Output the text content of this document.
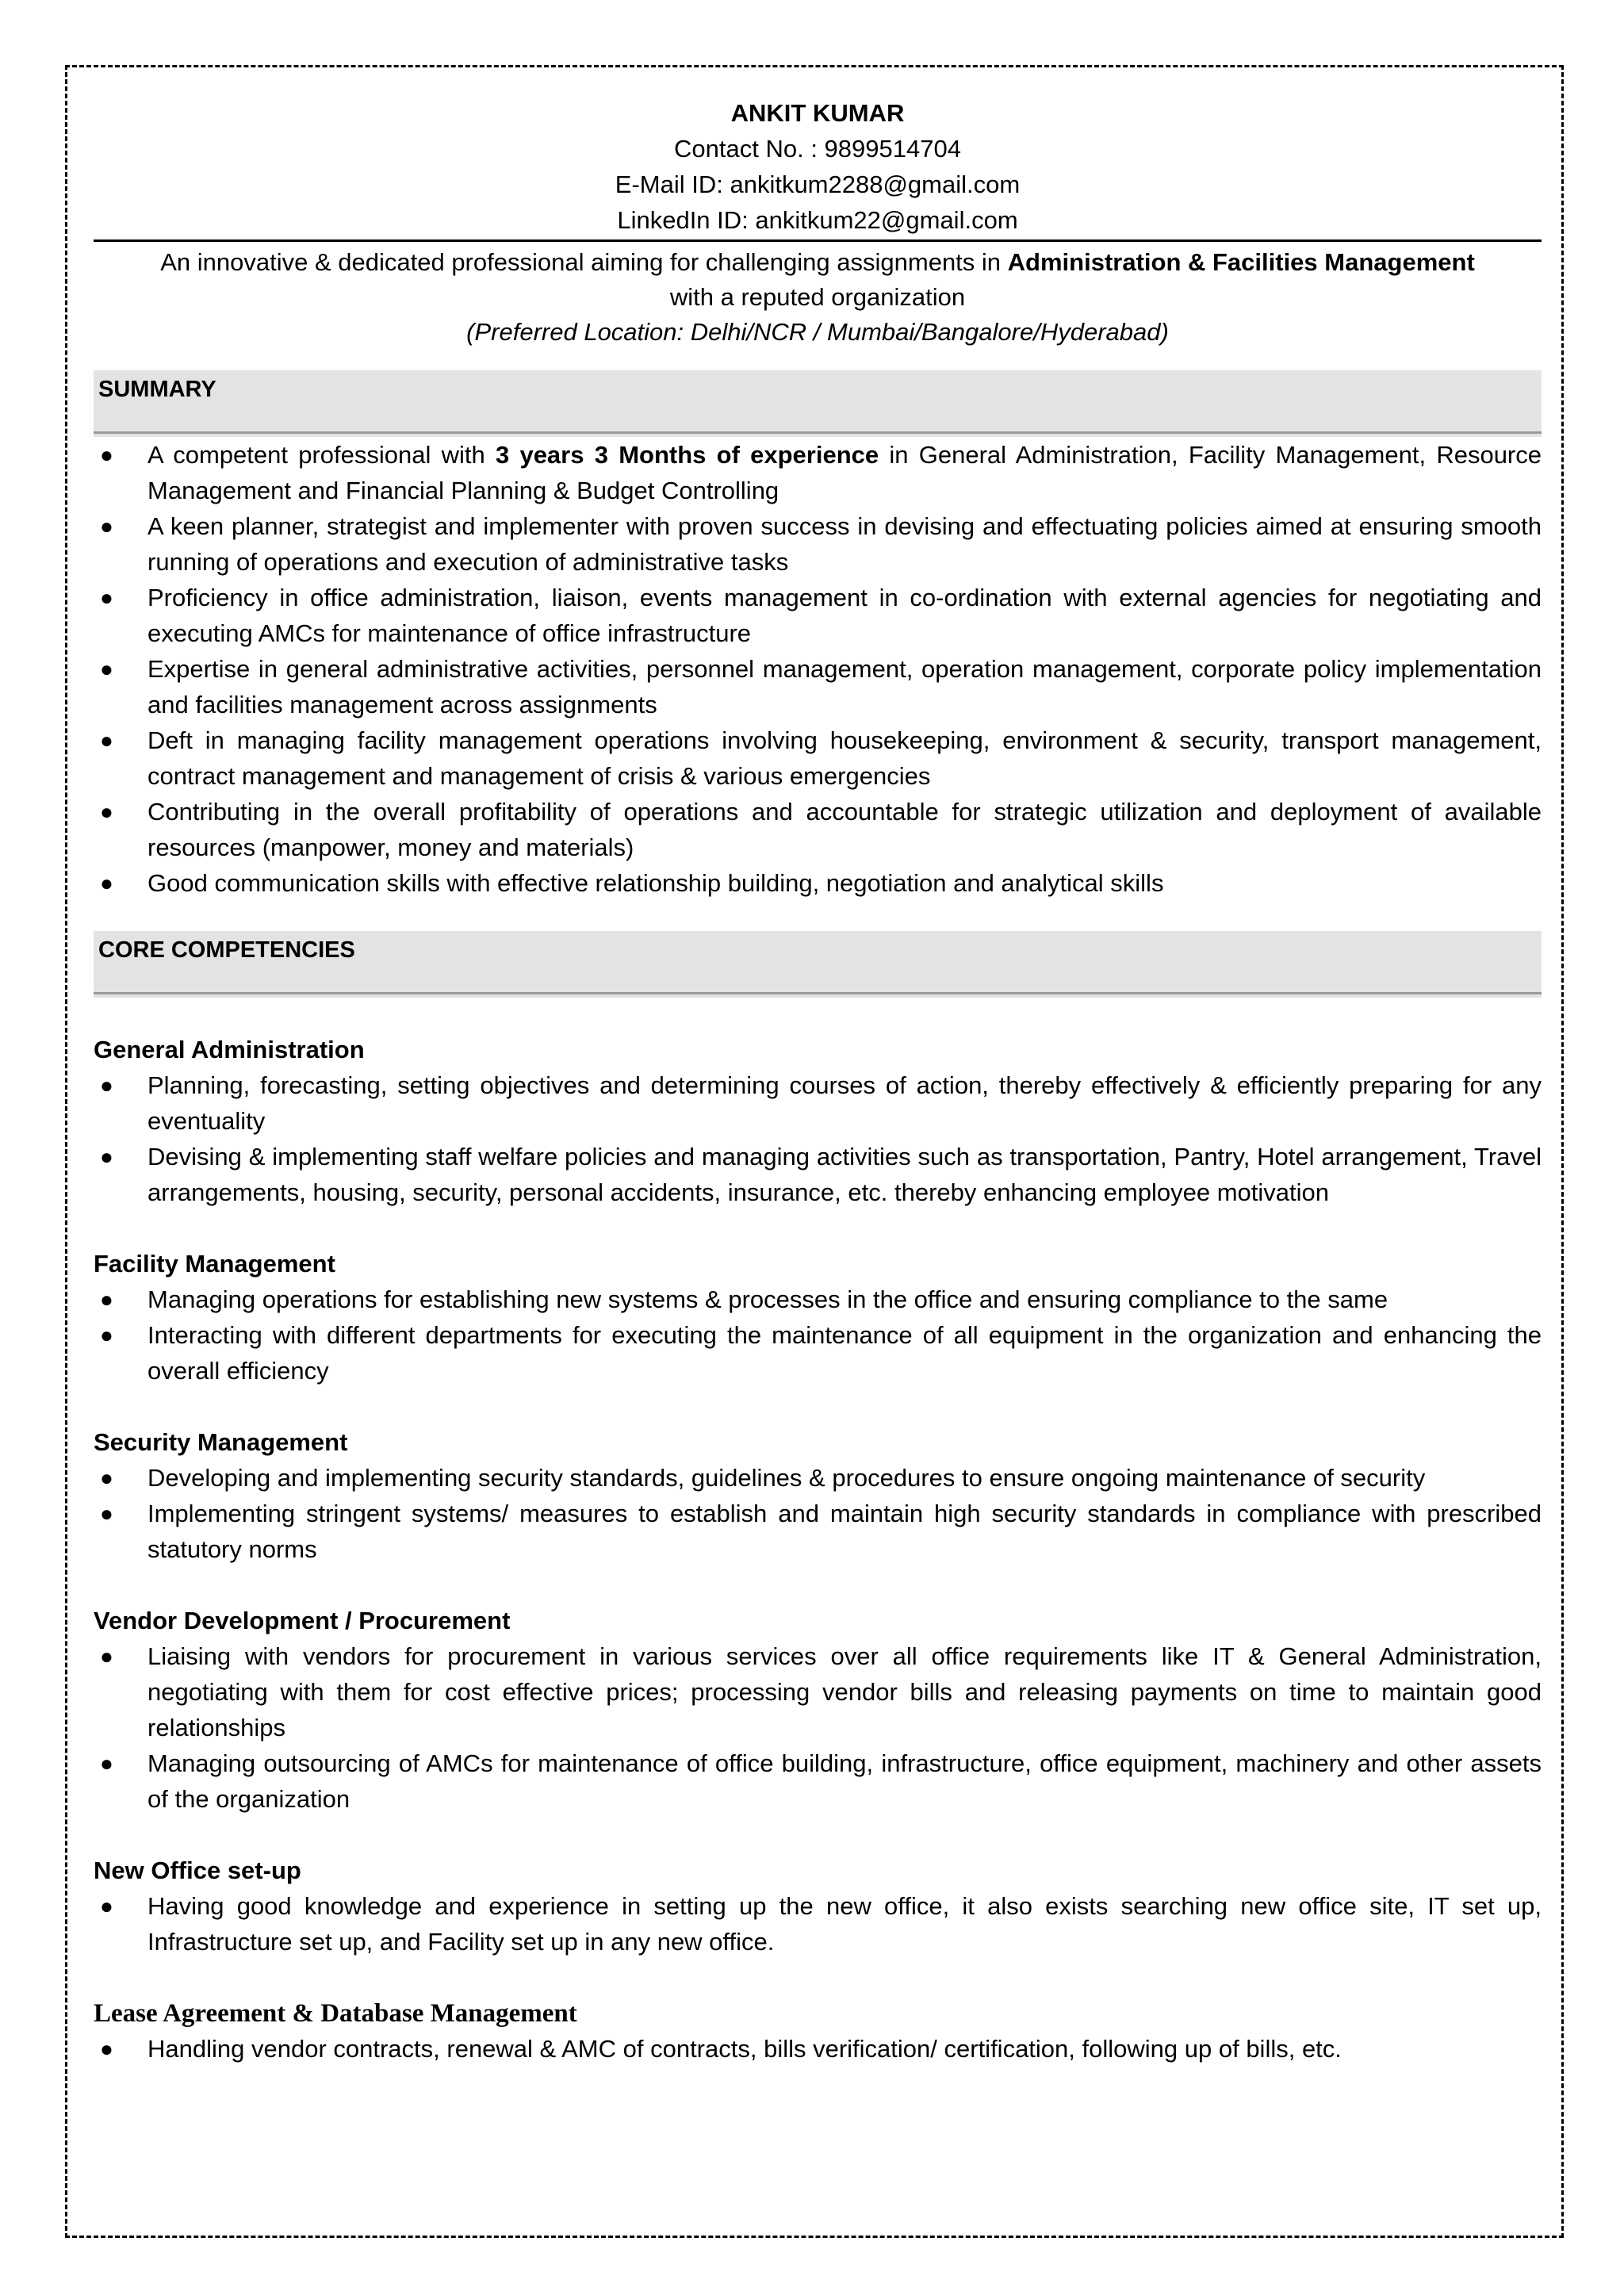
ANKIT KUMAR
Contact No. : 9899514704
E-Mail ID: ankitkum2288@gmail.com
LinkedIn ID: ankitkum22@gmail.com
An innovative & dedicated professional aiming for challenging assignments in Administration & Facilities Management
with a reputed organization
(Preferred Location: Delhi/NCR / Mumbai/Bangalore/Hyderabad)
SUMMARY
● A competent professional with 3 years 3 Months of experience in General Administration, Facility Management, Resource Management and Financial Planning & Budget Controlling
● A keen planner, strategist and implementer with proven success in devising and effectuating policies aimed at ensuring smooth running of operations and execution of administrative tasks
● Proficiency in office administration, liaison, events management in co-ordination with external agencies for negotiating and executing AMCs for maintenance of office infrastructure
● Expertise in general administrative activities, personnel management, operation management, corporate policy implementation and facilities management across assignments
● Deft in managing facility management operations involving housekeeping, environment & security, transport management, contract management and management of crisis & various emergencies
● Contributing in the overall profitability of operations and accountable for strategic utilization and deployment of available resources (manpower, money and materials)
● Good communication skills with effective relationship building, negotiation and analytical skills
CORE COMPETENCIES
General Administration
● Planning, forecasting, setting objectives and determining courses of action, thereby effectively & efficiently preparing for any eventuality
● Devising & implementing staff welfare policies and managing activities such as transportation, Pantry, Hotel arrangement, Travel arrangements, housing, security, personal accidents, insurance, etc. thereby enhancing employee motivation
Facility Management
● Managing operations for establishing new systems & processes in the office and ensuring compliance to the same
● Interacting with different departments for executing the maintenance of all equipment in the organization and enhancing the overall efficiency
Security Management
● Developing and implementing security standards, guidelines & procedures to ensure ongoing maintenance of security
● Implementing stringent systems/ measures to establish and maintain high security standards in compliance with prescribed statutory norms
Vendor Development / Procurement
● Liaising with vendors for procurement in various services over all office requirements like IT & General Administration, negotiating with them for cost effective prices; processing vendor bills and releasing payments on time to maintain good relationships
● Managing outsourcing of AMCs for maintenance of office building, infrastructure, office equipment, machinery and other assets of the organization
New Office set-up
● Having good knowledge and experience in setting up the new office, it also exists searching new office site, IT set up, Infrastructure set up, and Facility set up in any new office.
Lease Agreement & Database Management
● Handling vendor contracts, renewal & AMC of contracts, bills verification/ certification, following up of bills, etc.
